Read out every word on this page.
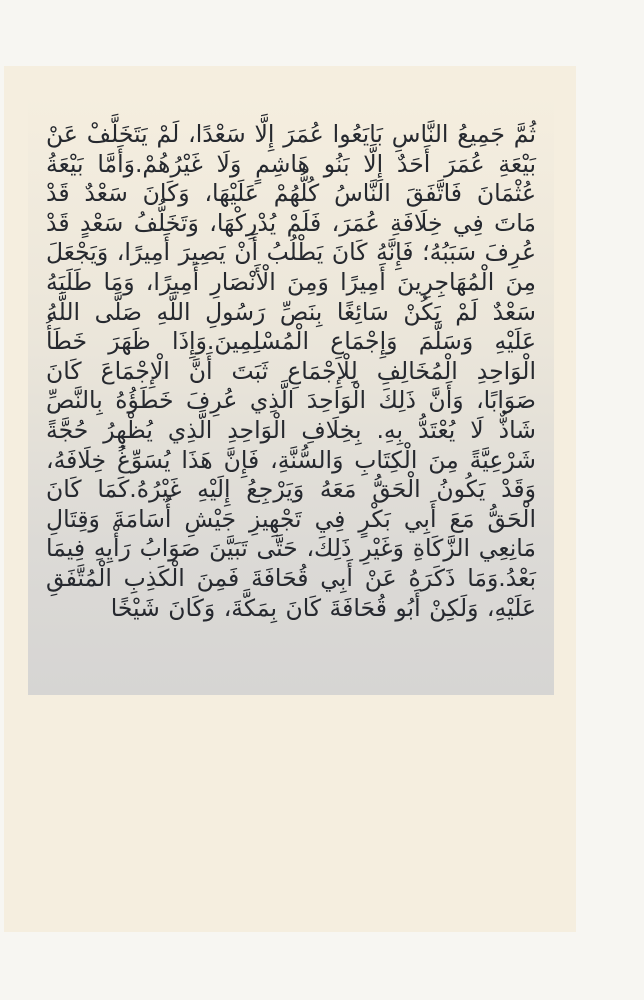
ثُمَّ جَمِيعُ النَّاسِ بَايَعُوا عُمَرَ إِلَّا سَعْدًا، لَمْ يَتَخَلَّفْ عَنْ بَيْعَةِ عُمَرَ أَحَدٌ إِلَّا بَنُو هَاشِمٍ وَلَا غَيْرُهُمْ.وَأَمَّا بَيْعَةُ عُثْمَانَ فَاتَّفَقَ النَّاسُ كُلُّهُمْ عَلَيْهَا، وَكَانَ سَعْدٌ قَدْ مَاتَ فِي خِلَافَةِ عُمَرَ، فَلَمْ يُدْرِكْهَا، وَتَخَلُّفُ سَعْدٍ قَدْ عُرِفَ سَبَبُهُ؛ فَإِنَّهُ كَانَ يَطْلُبُ أَنْ يَصِيرَ أَمِيرًا، وَيَجْعَلَ مِنَ الْمُهَاجِرِينَ أَمِيرًا وَمِنَ الْأَنْصَارِ أَمِيرًا، وَمَا طَلَبَهُ سَعْدٌ لَمْ يَكُنْ سَائِغًا بِنَصِّ رَسُولِ اللَّهِ صَلَّى اللَّهُ عَلَيْهِ وَسَلَّمَ وَإِجْمَاعِ الْمُسْلِمِينَ.وَإِذَا ظَهَرَ خَطَأُ الْوَاحِدِ الْمُخَالِفِ لِلْإِجْمَاعِ ثَبَتَ أَنَّ الْإِجْمَاعَ كَانَ صَوَابًا، وَأَنَّ ذَلِكَ الْوَاحِدَ الَّذِي عُرِفَ خَطَؤُهُ بِالنَّصِّ شَاذٌّ لَا يُعْتَدُّ بِهِ. بِخِلَافِ الْوَاحِدِ الَّذِي يُظْهِرُ حُجَّةً شَرْعِيَّةً مِنَ الْكِتَابِ وَالسُّنَّةِ، فَإِنَّ هَذَا يُسَوِّغُ خِلَافَهُ، وَقَدْ يَكُونُ الْحَقُّ مَعَهُ وَيَرْجِعُ إِلَيْهِ غَيْرُهُ.كَمَا كَانَ الْحَقُّ مَعَ أَبِي بَكْرٍ فِي تَجْهِيزِ جَيْشِ أُسَامَةَ وَقِتَالِ مَانِعِي الزَّكَاةِ وَغَيْرِ ذَلِكَ، حَتَّى تَبَيَّنَ صَوَابُ رَأْيِهِ فِيمَا بَعْدُ.وَمَا ذَكَرَهُ عَنْ أَبِي قُحَافَةَ فَمِنَ الْكَذِبِ الْمُتَّفَقِ عَلَيْهِ، وَلَكِنْ أَبُو قُحَافَةَ كَانَ بِمَكَّةَ، وَكَانَ شَيْخًا
